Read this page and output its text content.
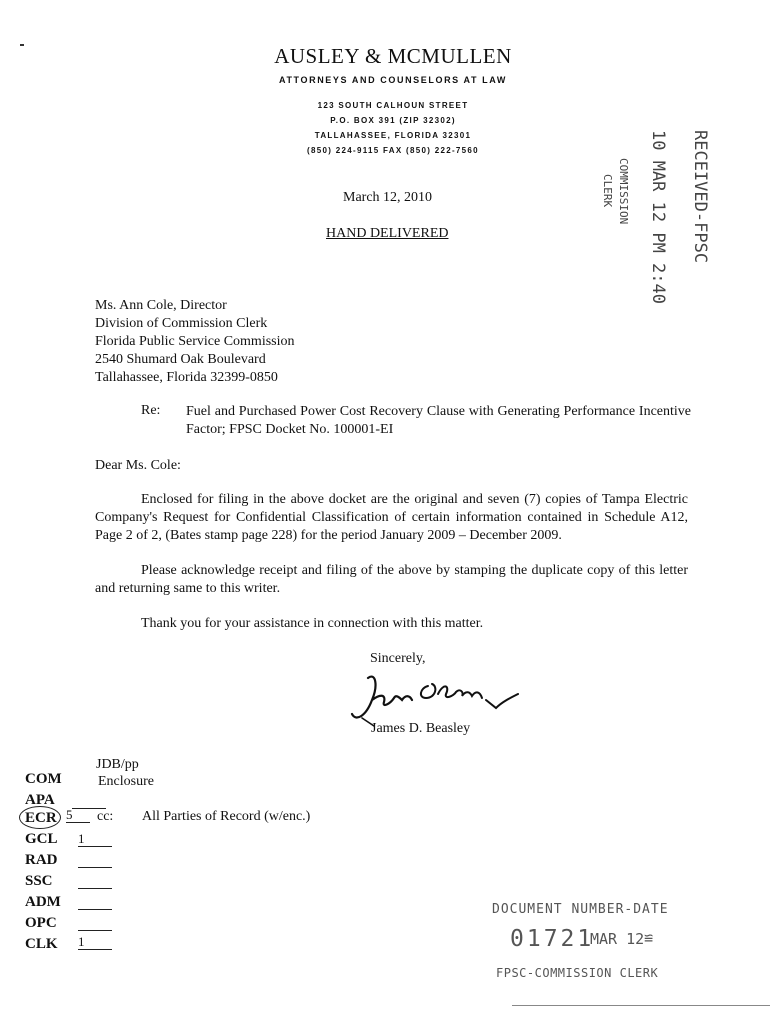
AUSLEY & MCMULLEN
ATTORNEYS AND COUNSELORS AT LAW
123 SOUTH CALHOUN STREET
P.O. BOX 391 (ZIP 32302)
TALLAHASSEE, FLORIDA 32301
(850) 224-9115 FAX (850) 222-7560	RECEIVED-FPSC
10 MAR 12 PM 2:40
COMMISSION
CLERK
March 12, 2010
HAND DELIVERED
Ms. Ann Cole, Director
Division of Commission Clerk
Florida Public Service Commission
2540 Shumard Oak Boulevard
Tallahassee, Florida 32399-0850
Re: Fuel and Purchased Power Cost Recovery Clause with Generating Performance Incentive Factor; FPSC Docket No. 100001-EI
Dear Ms. Cole:
Enclosed for filing in the above docket are the original and seven (7) copies of Tampa Electric Company's Request for Confidential Classification of certain information contained in Schedule A12, Page 2 of 2, (Bates stamp page 228) for the period January 2009 – December 2009.
Please acknowledge receipt and filing of the above by stamping the duplicate copy of this letter and returning same to this writer.
Thank you for your assistance in connection with this matter.
Sincerely,
James D. Beasley
JDB/pp
Enclosure
cc: All Parties of Record (w/enc.)
COM
APA
ECR 5
GCL 1
RAD
SSC
ADM
OPC
CLK 1
DOCUMENT NUMBER-DATE
01721
MAR 12 ≌
FPSC-COMMISSION CLERK
